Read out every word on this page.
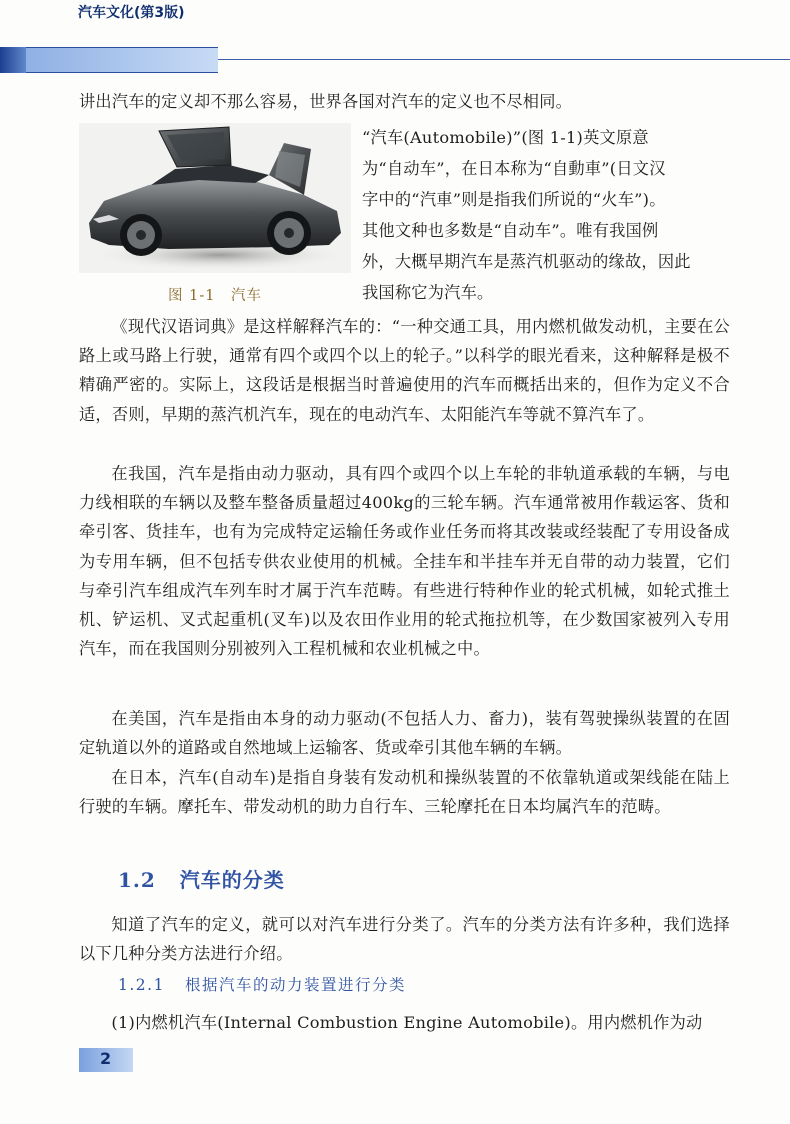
汽车文化(第3版)

讲出汽车的定义却不那么容易，世界各国对汽车的定义也不尽相同。

图 1-1　汽车

“汽车(Automobile)”(图 1-1)英文原意

为“自动车”，在日本称为“自動車”(日文汉

字中的“汽車”则是指我们所说的“火车”)。

其他文种也多数是“自动车”。唯有我国例

外，大概早期汽车是蒸汽机驱动的缘故，因此

我国称它为汽车。

《现代汉语词典》是这样解释汽车的：“一种交通工具，用内燃机做发动机，主要在公路上或马路上行驶，通常有四个或四个以上的轮子。”以科学的眼光看来，这种解释是极不精确严密的。实际上，这段话是根据当时普遍使用的汽车而概括出来的，但作为定义不合适，否则，早期的蒸汽机汽车，现在的电动汽车、太阳能汽车等就不算汽车了。

在我国，汽车是指由动力驱动，具有四个或四个以上车轮的非轨道承载的车辆，与电力线相联的车辆以及整车整备质量超过400kg的三轮车辆。汽车通常被用作载运客、货和牵引客、货挂车，也有为完成特定运输任务或作业任务而将其改装或经装配了专用设备成为专用车辆，但不包括专供农业使用的机械。全挂车和半挂车并无自带的动力装置，它们与牵引汽车组成汽车列车时才属于汽车范畴。有些进行特种作业的轮式机械，如轮式推土机、铲运机、叉式起重机(叉车)以及农田作业用的轮式拖拉机等，在少数国家被列入专用汽车，而在我国则分别被列入工程机械和农业机械之中。

在美国，汽车是指由本身的动力驱动(不包括人力、畜力)，装有驾驶操纵装置的在固定轨道以外的道路或自然地域上运输客、货或牵引其他车辆的车辆。

在日本，汽车(自动车)是指自身装有发动机和操纵装置的不依靠轨道或架线能在陆上行驶的车辆。摩托车、带发动机的助力自行车、三轮摩托在日本均属汽车的范畴。

1.2 汽车的分类

知道了汽车的定义，就可以对汽车进行分类了。汽车的分类方法有许多种，我们选择以下几种分类方法进行介绍。

1.2.1 根据汽车的动力装置进行分类

(1)内燃机汽车(Internal Combustion Engine Automobile)。用内燃机作为动

2
